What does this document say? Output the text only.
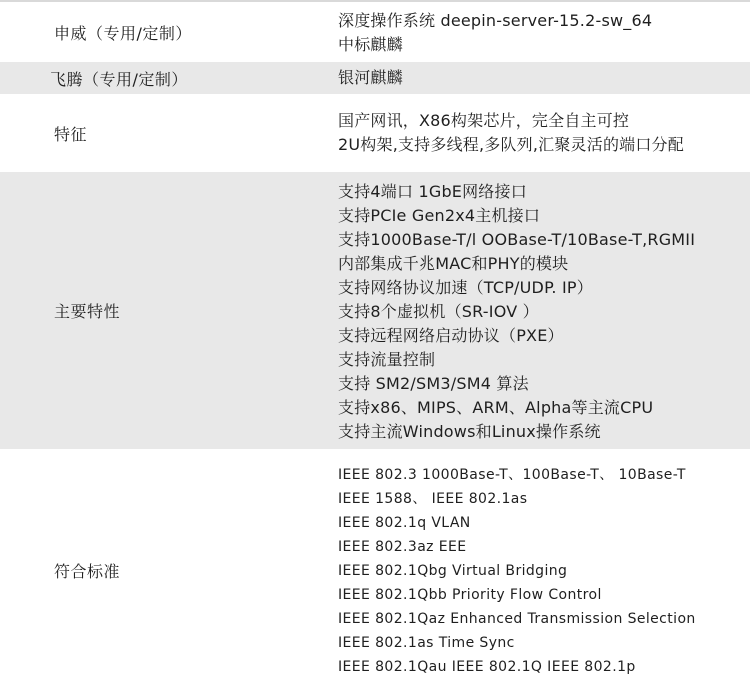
申威（专用/定制）
深度操作系统 deepin-server-15.2-sw_64
中标麒麟
飞腾（专用/定制）	银河麒麟
特征
国产网讯，X86构架芯片，完全自主可控
2U构架,支持多线程,多队列,汇聚灵活的端口分配
主要特性
支持4端口 1GbE网络接口
支持PCIe Gen2x4主机接口
支持1000Base-T/l OOBase-T/10Base-T,RGMII
内部集成千兆MAC和PHY的模块
支持网络协议加速（TCP/UDP. IP）
支持8个虚拟机（SR-IOV ）
支持远程网络启动协议（PXE）
支持流量控制
支持 SM2/SM3/SM4 算法
支持x86、MIPS、ARM、Alpha等主流CPU
支持主流Windows和Linux操作系统
符合标准
IEEE 802.3 1000Base-T、100Base-T、 10Base-T
IEEE 1588、 IEEE 802.1as
IEEE 802.1q VLAN
IEEE 802.3az EEE
IEEE 802.1Qbg Virtual Bridging
IEEE 802.1Qbb Priority Flow Control
IEEE 802.1Qaz Enhanced Transmission Selection
IEEE 802.1as Time Sync
IEEE 802.1Qau IEEE 802.1Q IEEE 802.1p
